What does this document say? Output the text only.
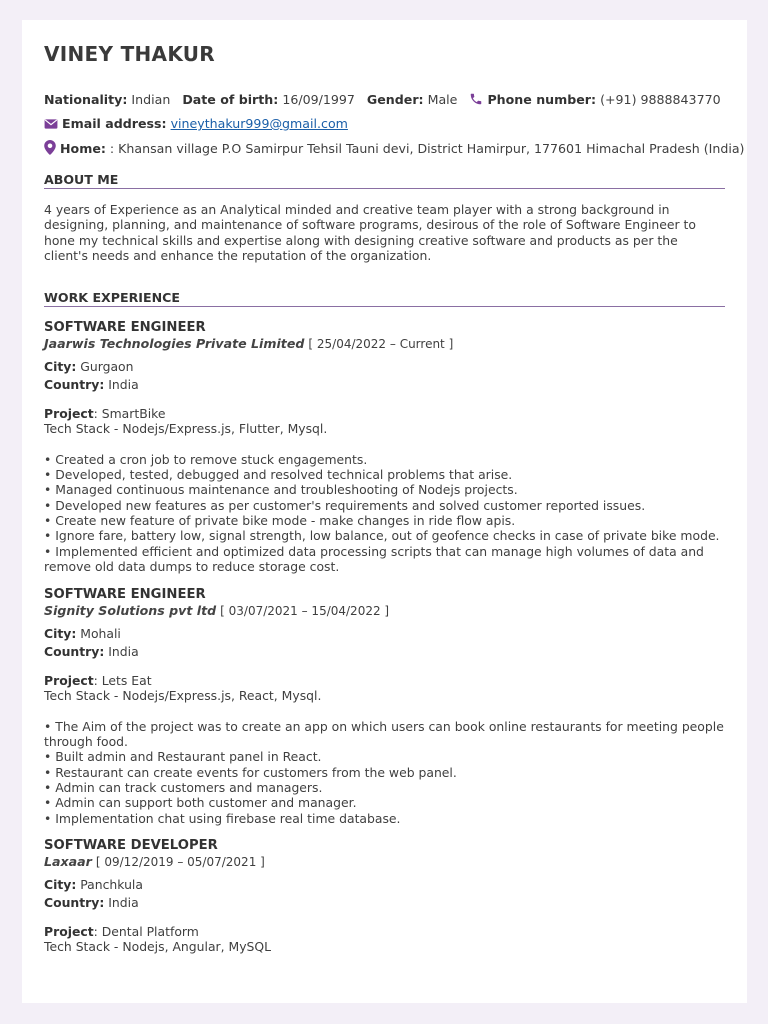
VINEY THAKUR
Nationality: Indian Date of birth: 16/09/1997 Gender: Male Phone number: (+91) 9888843770
Email address: vineythakur999@gmail.com
Home: : Khansan village P.O Samirpur Tehsil Tauni devi, District Hamirpur, 177601 Himachal Pradesh (India)
ABOUT ME
4 years of Experience as an Analytical minded and creative team player with a strong background in designing, planning, and maintenance of software programs, desirous of the role of Software Engineer to hone my technical skills and expertise along with designing creative software and products as per the client's needs and enhance the reputation of the organization.
WORK EXPERIENCE
SOFTWARE ENGINEER
Jaarwis Technologies Private Limited [ 25/04/2022 – Current ]
City: Gurgaon
Country: India
Project: SmartBike
Tech Stack - Nodejs/Express.js, Flutter, Mysql.
• Created a cron job to remove stuck engagements.
• Developed, tested, debugged and resolved technical problems that arise.
• Managed continuous maintenance and troubleshooting of Nodejs projects.
• Developed new features as per customer's requirements and solved customer reported issues.
• Create new feature of private bike mode - make changes in ride flow apis.
• Ignore fare, battery low, signal strength, low balance, out of geofence checks in case of private bike mode.
• Implemented efficient and optimized data processing scripts that can manage high volumes of data and remove old data dumps to reduce storage cost.
SOFTWARE ENGINEER
Signity Solutions pvt ltd [ 03/07/2021 – 15/04/2022 ]
City: Mohali
Country: India
Project: Lets Eat
Tech Stack - Nodejs/Express.js, React, Mysql.
• The Aim of the project was to create an app on which users can book online restaurants for meeting people through food.
• Built admin and Restaurant panel in React.
• Restaurant can create events for customers from the web panel.
• Admin can track customers and managers.
• Admin can support both customer and manager.
• Implementation chat using firebase real time database.
SOFTWARE DEVELOPER
Laxaar [ 09/12/2019 – 05/07/2021 ]
City: Panchkula
Country: India
Project: Dental Platform
Tech Stack - Nodejs, Angular, MySQL
